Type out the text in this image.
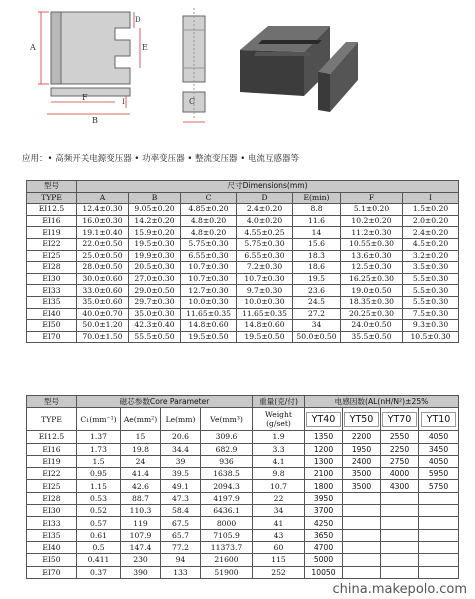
A	E
D
F
B
I	C
应用：• 高频开关电源变压器 • 功率变压器 • 整流变压器 • 电流互感器等
型号	尺寸Dimensions(mm)						
TYPE	A	B	C	D	E(min)	F	I
EI12.5	12.4±0.30	9.05±0.20	4.85±0.20	2.4±0.20	8.8	5.1±0.20	1.5±0.20
EI16	16.0±0.30	14.2±0.20	4.8±0.20	4.0±0.20	11.6	10.2±0.20	2.0±0.20
EI19	19.1±0.40	15.9±0.20	4.8±0.20	4.55±0.25	14	11.2±0.30	2.4±0.20
EI22	22.0±0.50	19.5±0.30	5.75±0.30	5.75±0.30	15.6	10.55±0.30	4.5±0.20
EI25	25.0±0.50	19.9±0.30	6.55±0.30	6.55±0.30	18.3	13.6±0.30	3.2±0.20
EI28	28.0±0.50	20.5±0.30	10.7±0.30	7.2±0.30	18.6	12.5±0.30	3.5±0.30
EI30	30.0±0.60	27.0±0.30	10.7±0.30	10.7±0.30	19.5	16.25±0.30	5.5±0.30
EI33	33.0±0.60	29.0±0.50	12.7±0.30	9.7±0.30	23.6	19.0±0.50	5.5±0.30
EI35	35.0±0.60	29.7±0.30	10.0±0.30	10.0±0.30	24.5	18.35±0.30	5.5±0.30
EI40	40.0±0.70	35.0±0.30	11.65±0.35	11.65±0.35	27.2	20.25±0.30	7.5±0.30
EI50	50.0±1.20	42.3±0.40	14.8±0.60	14.8±0.60	34	24.0±0.50	9.3±0.30
EI70	70.0±1.50	55.5±0.50	19.5±0.50	19.5±0.50	50.0±0.50	35.5±0.50	10.5±0.30
型号	磁芯参数Core Parameter				重量(克/付)	电感因数(AL(nH/N²)±25%			
TYPE	C₁(mm⁻¹)	Ae(mm²)	Le(mm)	Ve(mm³)	Weight (g/set)	YT40	YT50	YT70	YT10
EI12.5	1.37	15	20.6	309.6	1.9	1350	2200	2550	4050
EI16	1.73	19.8	34.4	682.9	3.3	1200	1950	2250	3450
EI19	1.5	24	39	936	4.1	1300	2400	2750	4050
EI22	0.95	41.4	39.5	1638.5	9.8	2100	3500	4000	5950
EI25	1.15	42.6	49.1	2094.3	10.7	1800	3500	4300	5750
EI28	0.53	88.7	47.3	4197.9	22	3950			
EI30	0.52	110.3	58.4	6436.1	34	3700			
EI33	0.57	119	67.5	8000	41	4250			
EI35	0.61	107.9	65.7	7105.9	43	3650			
EI40	0.5	147.4	77.2	11373.7	60	4700			
EI50	0.411	230	94	21600	115	5000			
EI70	0.37	390	133	51900	252	10050			
china.makepolo.com
